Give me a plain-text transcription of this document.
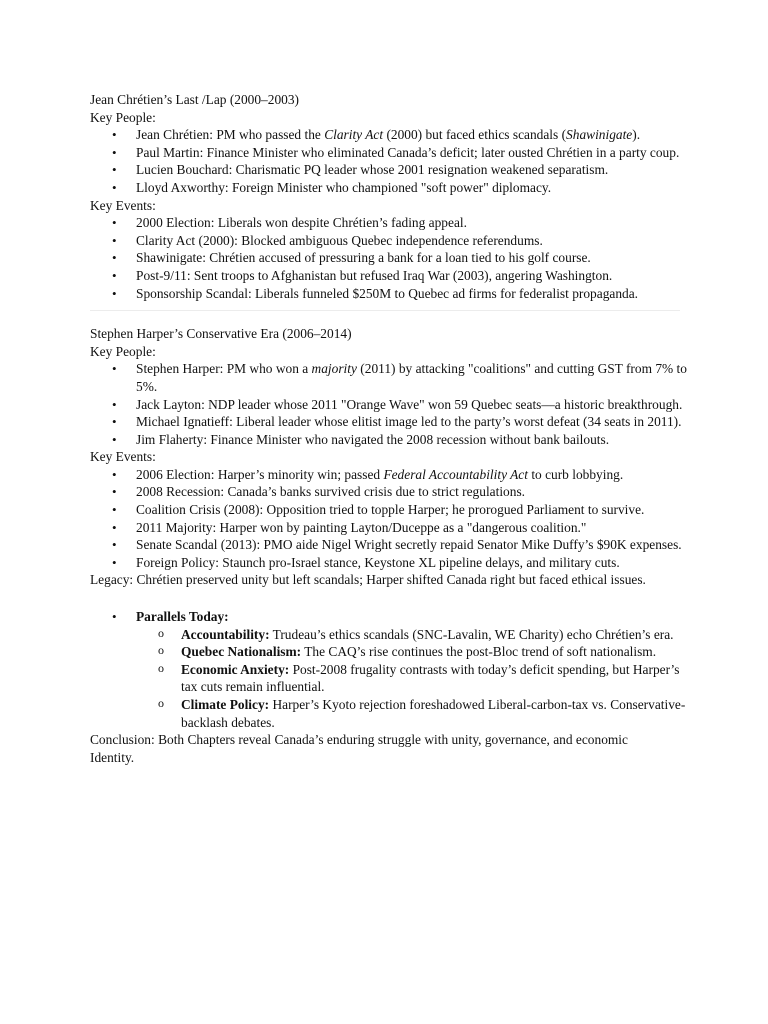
Jean Chrétien’s Last /Lap (2000–2003)

Key People:

• Jean Chrétien: PM who passed the Clarity Act (2000) but faced ethics scandals (Shawinigate).
• Paul Martin: Finance Minister who eliminated Canada’s deficit; later ousted Chrétien in a party coup.
• Lucien Bouchard: Charismatic PQ leader whose 2001 resignation weakened separatism.
• Lloyd Axworthy: Foreign Minister who championed "soft power" diplomacy.

Key Events:

• 2000 Election: Liberals won despite Chrétien’s fading appeal.
• Clarity Act (2000): Blocked ambiguous Quebec independence referendums.
• Shawinigate: Chrétien accused of pressuring a bank for a loan tied to his golf course.
• Post-9/11: Sent troops to Afghanistan but refused Iraq War (2003), angering Washington.
• Sponsorship Scandal: Liberals funneled $250M to Quebec ad firms for federalist propaganda.

Stephen Harper’s Conservative Era (2006–2014)

Key People:

• Stephen Harper: PM who won a majority (2011) by attacking "coalitions" and cutting GST from 7% to 5%.
• Jack Layton: NDP leader whose 2011 "Orange Wave" won 59 Quebec seats—a historic breakthrough.
• Michael Ignatieff: Liberal leader whose elitist image led to the party’s worst defeat (34 seats in 2011).
• Jim Flaherty: Finance Minister who navigated the 2008 recession without bank bailouts.

Key Events:

• 2006 Election: Harper’s minority win; passed Federal Accountability Act to curb lobbying.
• 2008 Recession: Canada’s banks survived crisis due to strict regulations.
• Coalition Crisis (2008): Opposition tried to topple Harper; he prorogued Parliament to survive.
• 2011 Majority: Harper won by painting Layton/Duceppe as a "dangerous coalition."
• Senate Scandal (2013): PMO aide Nigel Wright secretly repaid Senator Mike Duffy’s $90K expenses.
• Foreign Policy: Staunch pro-Israel stance, Keystone XL pipeline delays, and military cuts.

Legacy: Chrétien preserved unity but left scandals; Harper shifted Canada right but faced ethical issues.

• Parallels Today:
o Accountability: Trudeau’s ethics scandals (SNC-Lavalin, WE Charity) echo Chrétien’s era.
o Quebec Nationalism: The CAQ’s rise continues the post-Bloc trend of soft nationalism.
o Economic Anxiety: Post-2008 frugality contrasts with today’s deficit spending, but Harper’s tax cuts remain influential.
o Climate Policy: Harper’s Kyoto rejection foreshadowed Liberal-carbon-tax vs. Conservative-backlash debates.

Conclusion: Both Chapters reveal Canada’s enduring struggle with unity, governance, and economic Identity.
